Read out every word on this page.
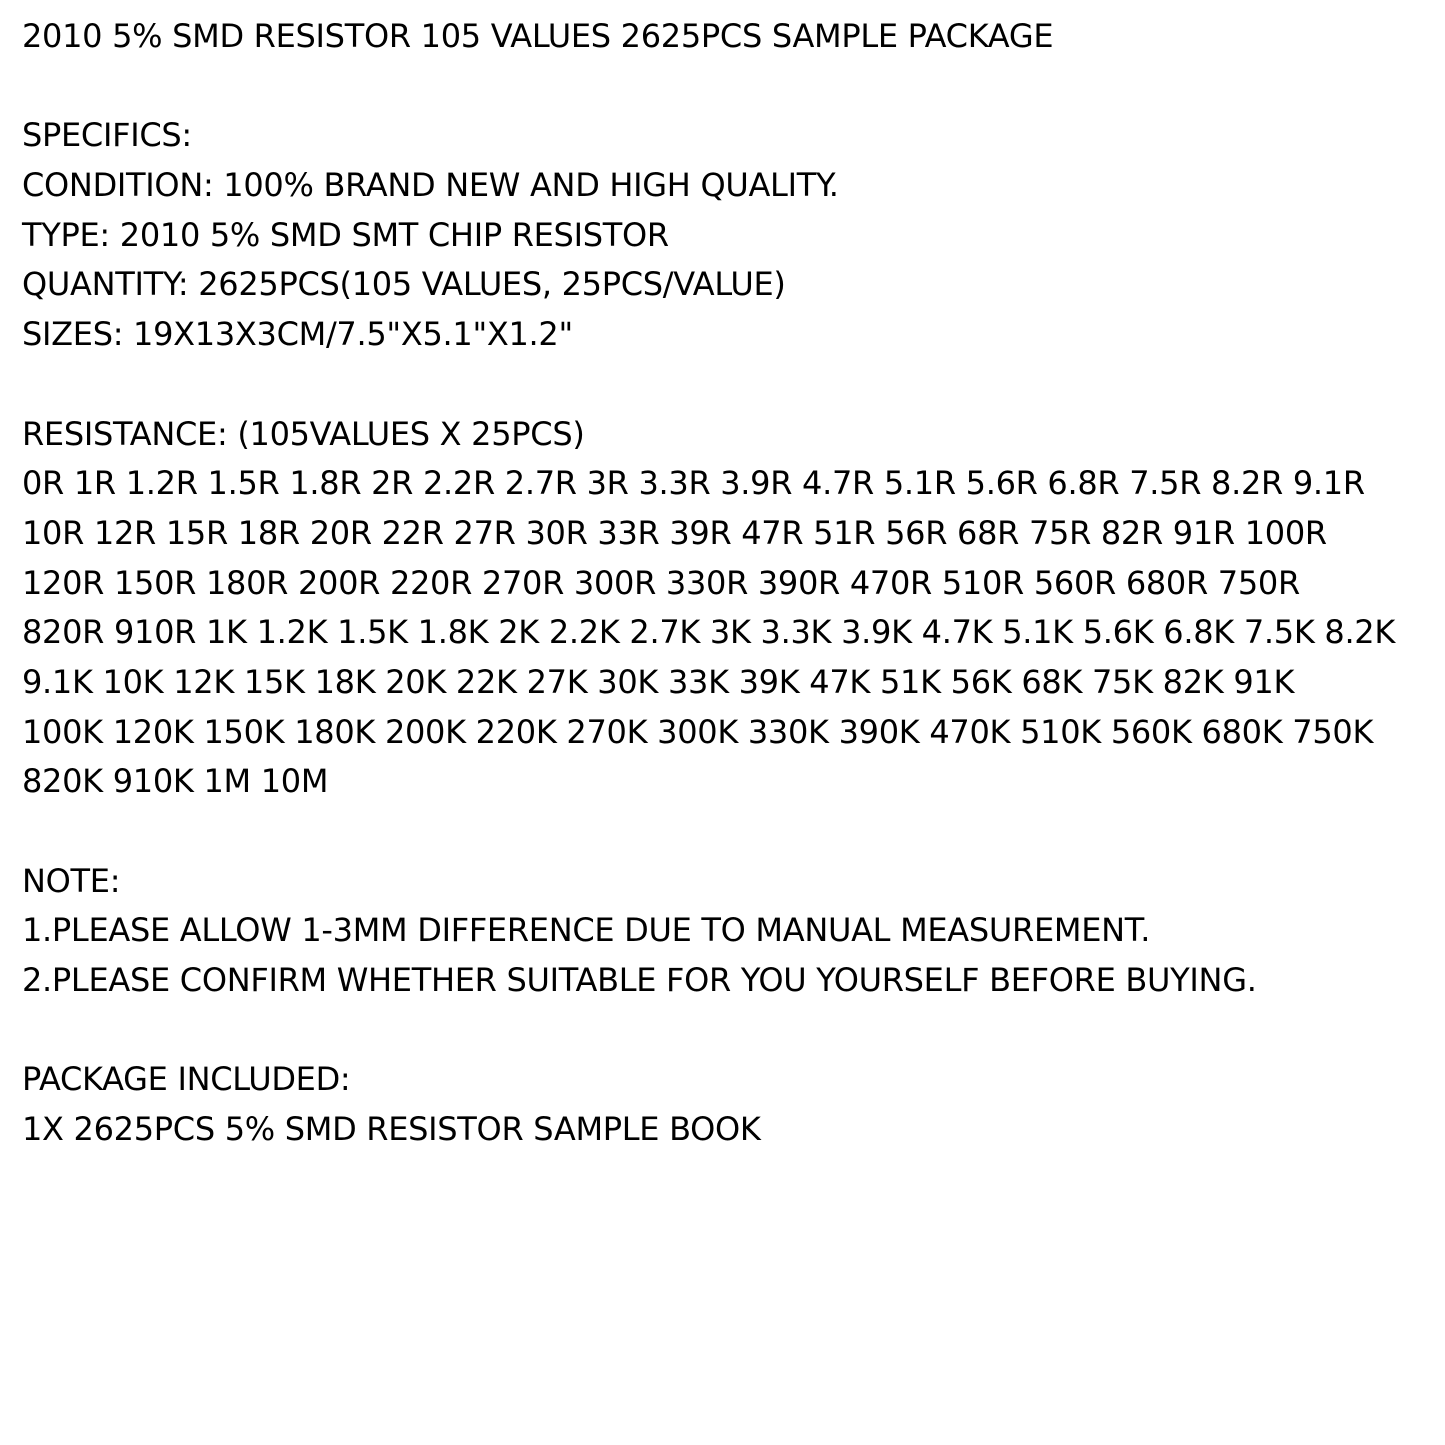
2010 5% SMD RESISTOR 105 VALUES 2625PCS SAMPLE PACKAGE
SPECIFICS:
CONDITION: 100% BRAND NEW AND HIGH QUALITY.
TYPE: 2010 5% SMD SMT CHIP RESISTOR
QUANTITY: 2625PCS(105 VALUES, 25PCS/VALUE)
SIZES: 19X13X3CM/7.5"X5.1"X1.2"
RESISTANCE: (105VALUES X 25PCS)
0R 1R 1.2R 1.5R 1.8R 2R 2.2R 2.7R 3R 3.3R 3.9R 4.7R 5.1R 5.6R 6.8R 7.5R 8.2R 9.1R
10R 12R 15R 18R 20R 22R 27R 30R 33R 39R 47R 51R 56R 68R 75R 82R 91R 100R
120R 150R 180R 200R 220R 270R 300R 330R 390R 470R 510R 560R 680R 750R
820R 910R 1K 1.2K 1.5K 1.8K 2K 2.2K 2.7K 3K 3.3K 3.9K 4.7K 5.1K 5.6K 6.8K 7.5K 8.2K
9.1K 10K 12K 15K 18K 20K 22K 27K 30K 33K 39K 47K 51K 56K 68K 75K 82K 91K
100K 120K 150K 180K 200K 220K 270K 300K 330K 390K 470K 510K 560K 680K 750K
820K 910K 1M 10M
NOTE:
1.PLEASE ALLOW 1-3MM DIFFERENCE DUE TO MANUAL MEASUREMENT.
2.PLEASE CONFIRM WHETHER SUITABLE FOR YOU YOURSELF BEFORE BUYING.
PACKAGE INCLUDED:
1X 2625PCS 5% SMD RESISTOR SAMPLE BOOK
